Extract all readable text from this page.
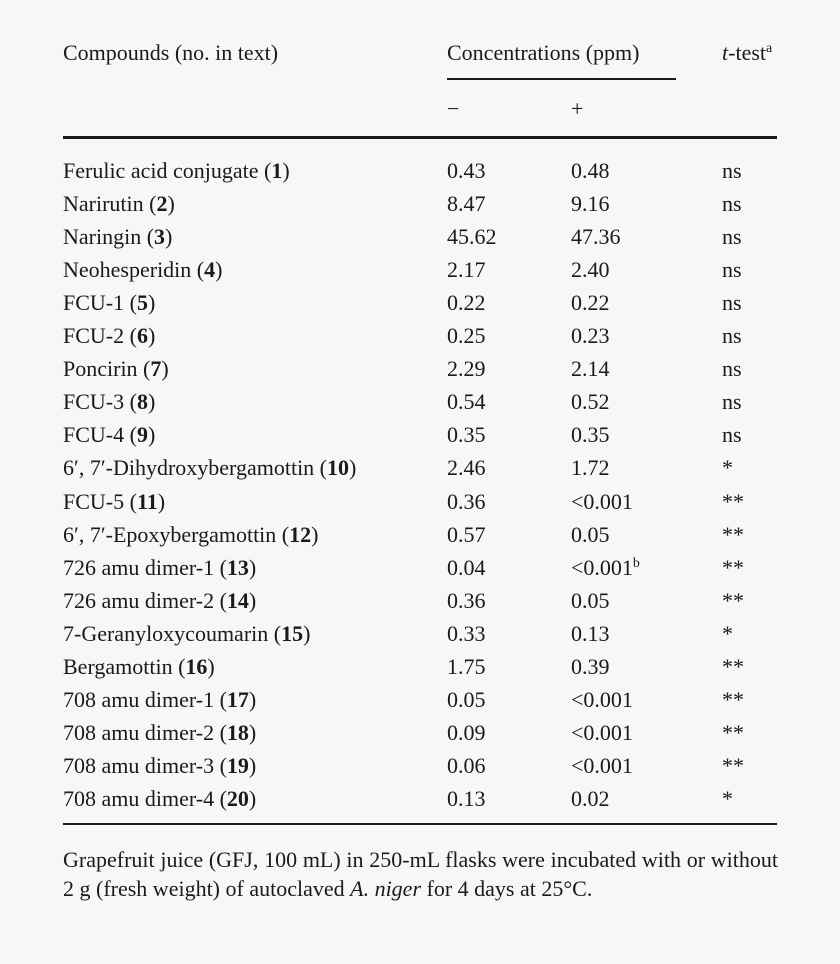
Compounds (no. in text)	Concentrations (ppm)	t-test$^a$
−	+
Ferulic acid conjugate (1)	0.43	0.48	ns
Narirutin (2)	8.47	9.16	ns
Naringin (3)	45.62	47.36	ns
Neohesperidin (4)	2.17	2.40	ns
FCU-1 (5)	0.22	0.22	ns
FCU-2 (6)	0.25	0.23	ns
Poncirin (7)	2.29	2.14	ns
FCU-3 (8)	0.54	0.52	ns
FCU-4 (9)	0.35	0.35	ns
6′, 7′-Dihydroxybergamottin (10)	2.46	1.72	*
FCU-5 (11)	0.36	<0.001	**
6′, 7′-Epoxybergamottin (12)	0.57	0.05	**
726 amu dimer-1 (13)	0.04	<0.001$^b$	**
726 amu dimer-2 (14)	0.36	0.05	**
7-Geranyloxycoumarin (15)	0.33	0.13	*
Bergamottin (16)	1.75	0.39	**
708 amu dimer-1 (17)	0.05	<0.001	**
708 amu dimer-2 (18)	0.09	<0.001	**
708 amu dimer-3 (19)	0.06	<0.001	**
708 amu dimer-4 (20)	0.13	0.02	*
Grapefruit juice (GFJ, 100 mL) in 250-mL flasks were incubated with or without 2 g (fresh weight) of autoclaved A. niger for 4 days at 25°C.
